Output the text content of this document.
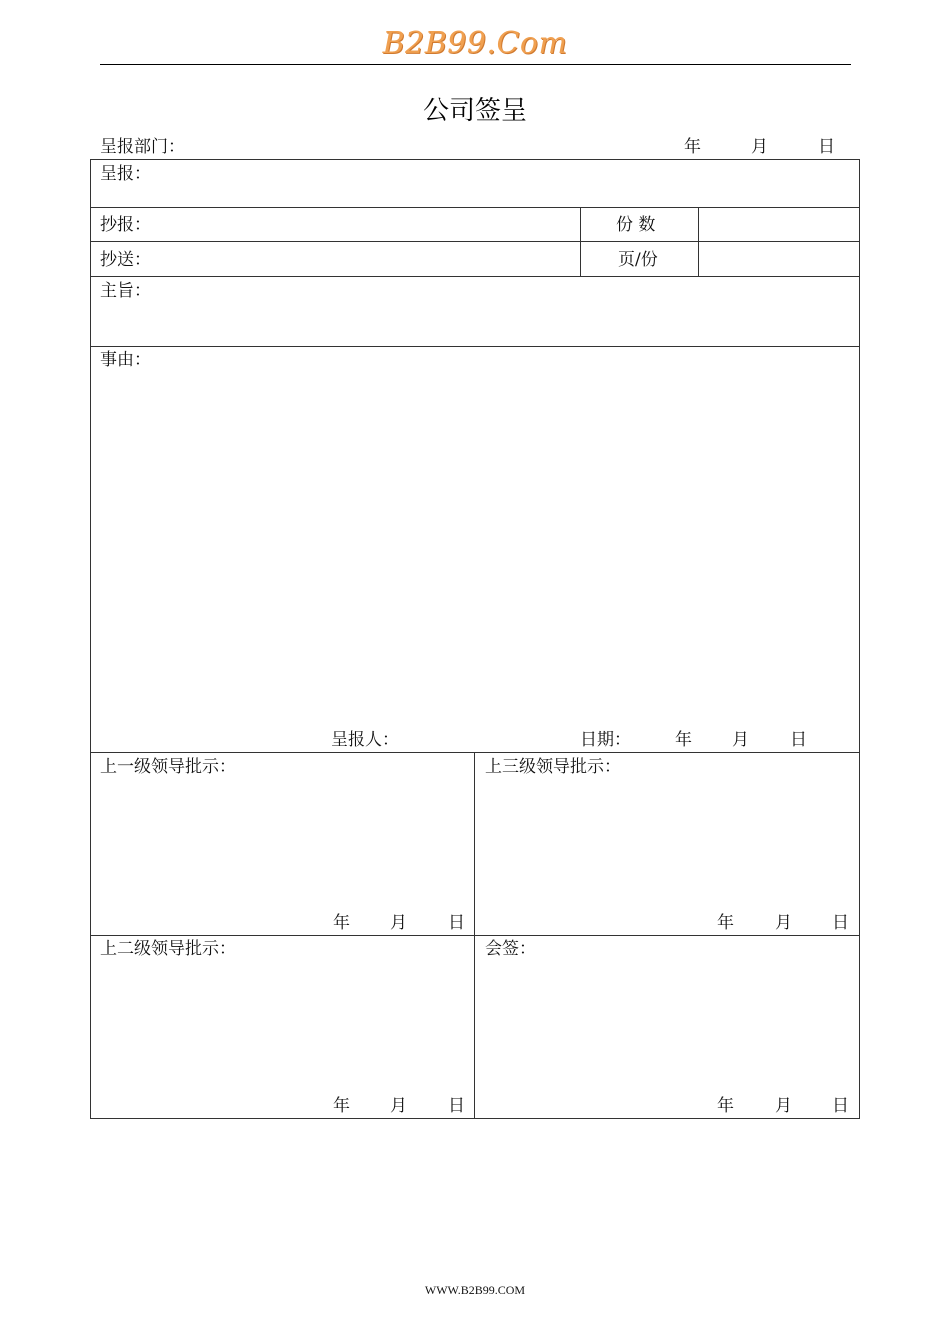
B2B99.Com
公司签呈
呈报部门：	年	月	日
呈报：
抄报：	份 数
抄送：	页/份
主旨：
事由：
呈报人：	日期：	年 月 日
上一级领导批示：
年 月 日
上三级领导批示：
年 月 日
上二级领导批示：
年 月 日
会签：
年 月 日
WWW.B2B99.COM
